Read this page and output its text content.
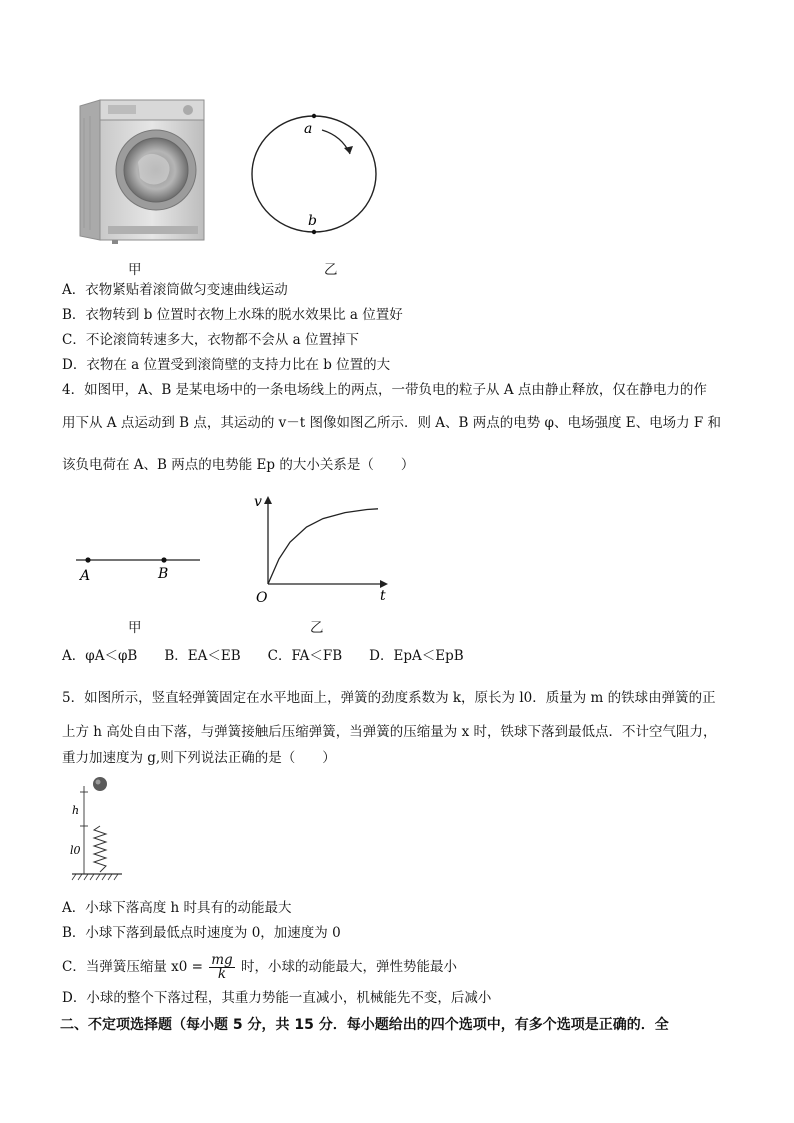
甲
a
b
乙
A．衣物紧贴着滚筒做匀变速曲线运动
B．衣物转到 b 位置时衣物上水珠的脱水效果比 a 位置好
C．不论滚筒转速多大，衣物都不会从 a 位置掉下
D．衣物在 a 位置受到滚筒壁的支持力比在 b 位置的大
4．如图甲，A、B 是某电场中的一条电场线上的两点，一带负电的粒子从 A 点由静止释放，仅在静电力的作
用下从 A 点运动到 B 点，其运动的 v－t 图像如图乙所示．则 A、B 两点的电势 φ、电场强度 E、电场力 F 和
该负电荷在 A、B 两点的电势能 Ep 的大小关系是（　　）
A	B
甲
v
t
O
乙
A．φA＜φB　　B．EA＜EB　　C．FA＜FB　　D．EpA＜EpB
5．如图所示，竖直轻弹簧固定在水平地面上，弹簧的劲度系数为 k，原长为 l0．质量为 m 的铁球由弹簧的正
上方 h 高处自由下落，与弹簧接触后压缩弹簧，当弹簧的压缩量为 x 时，铁球下落到最低点．不计空气阻力，
重力加速度为 g,则下列说法正确的是（　　）
h
l0
A．小球下落高度 h 时具有的动能最大
B．小球下落到最低点时速度为 0，加速度为 0
C．当弹簧压缩量 $x0 = \frac{mg}{k}$ 时，小球的动能最大，弹性势能最小
D．小球的整个下落过程，其重力势能一直减小，机械能先不变，后减小
二、不定项选择题（每小题 5 分，共 15 分．每小题给出的四个选项中，有多个选项是正确的．全
